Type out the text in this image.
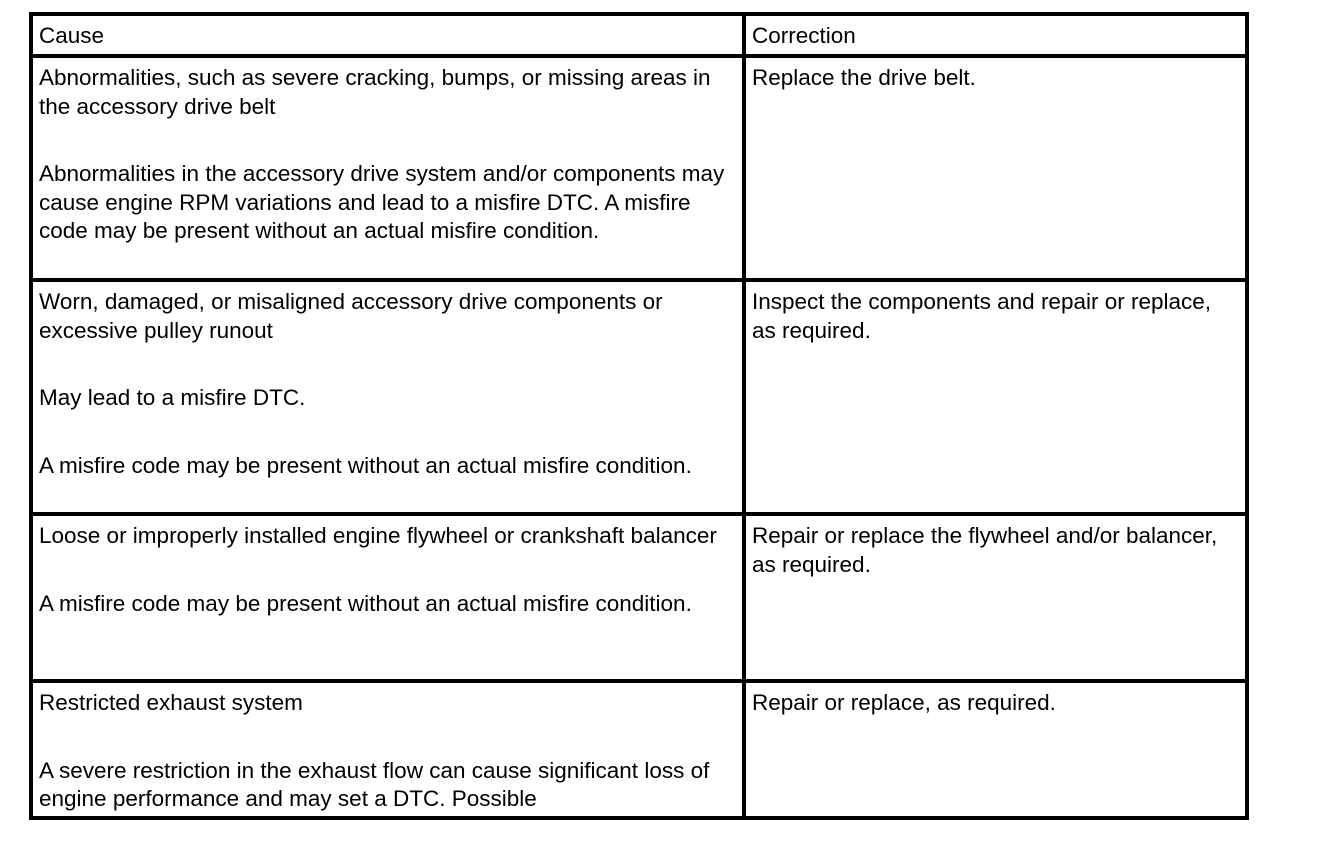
Cause	Correction

Abnormalities, such as severe cracking, bumps, or missing areas in the accessory drive belt

Abnormalities in the accessory drive system and/or components may cause engine RPM variations and lead to a misfire DTC. A misfire code may be present without an actual misfire condition.	Replace the drive belt.

Worn, damaged, or misaligned accessory drive components or excessive pulley runout

May lead to a misfire DTC.

A misfire code may be present without an actual misfire condition.	Inspect the components and repair or replace, as required.

Loose or improperly installed engine flywheel or crankshaft balancer

A misfire code may be present without an actual misfire condition.	Repair or replace the flywheel and/or balancer, as required.

Restricted exhaust system

A severe restriction in the exhaust flow can cause significant loss of engine performance and may set a DTC. Possible	Repair or replace, as required.
